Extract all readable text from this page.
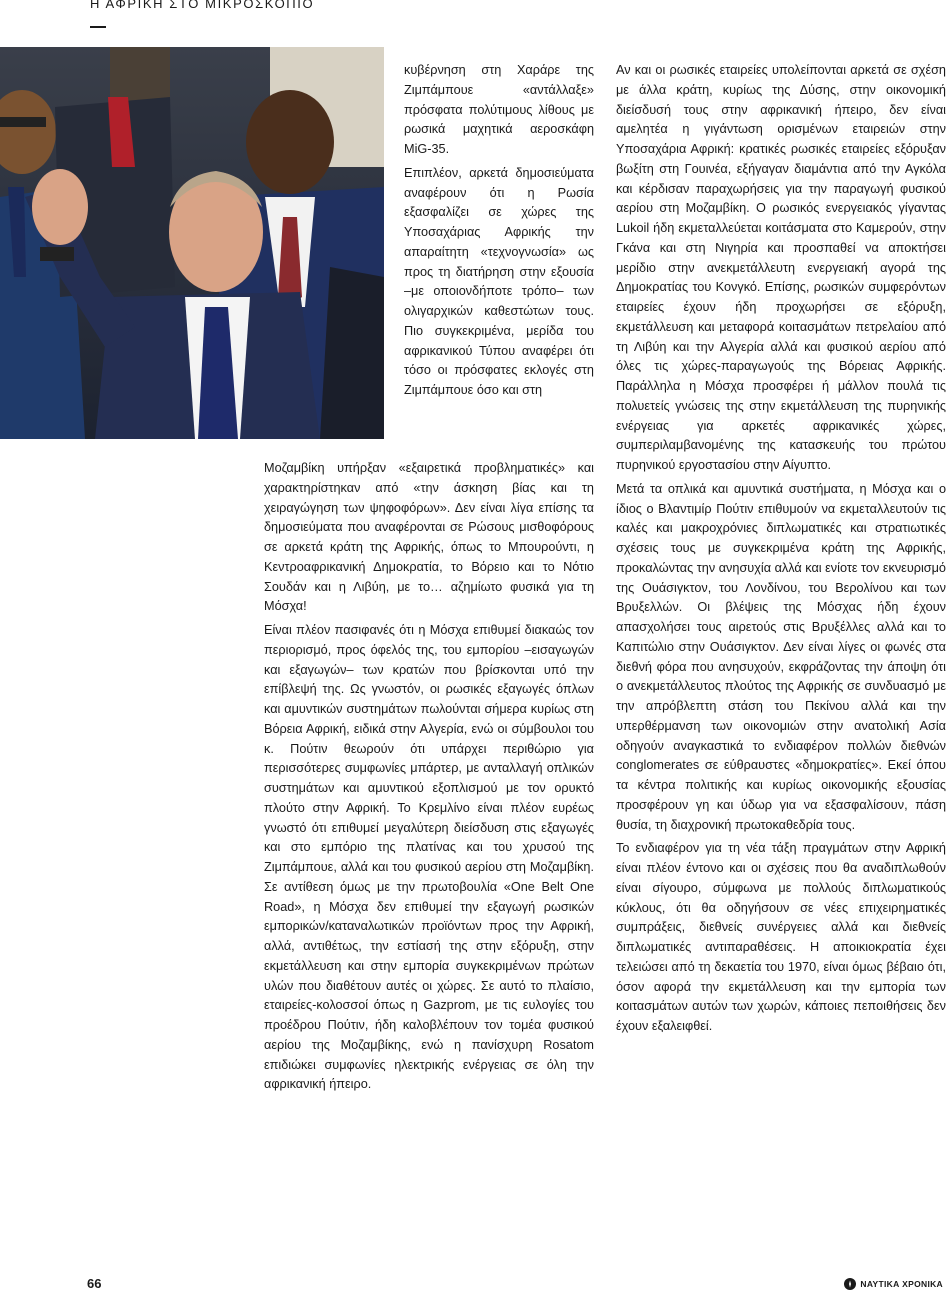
Η ΑΦΡΙΚΗ ΣΤΟ ΜΙΚΡΟΣΚΟΠΙΟ

κυβέρνηση στη Χαράρε της Ζιμπάμπουε «αντάλλαξε» πρόσφατα πολύτιμους λίθους με ρωσικά μαχητικά αεροσκάφη MiG-35.

Επιπλέον, αρκετά δημοσιεύματα αναφέρουν ότι η Ρωσία εξασφαλίζει σε χώρες της Υποσαχάριας Αφρικής την απαραίτητη «τεχνογνωσία» ως προς τη διατήρηση στην εξουσία –με οποιονδήποτε τρόπο– των ολιγαρχικών καθεστώτων τους. Πιο συγκεκριμένα, μερίδα του αφρικανικού Τύπου αναφέρει ότι τόσο οι πρόσφατες εκλογές στη Ζιμπάμπουε όσο και στη

Μοζαμβίκη υπήρξαν «εξαιρετικά προβληματικές» και χαρακτηρίστηκαν από «την άσκηση βίας και τη χειραγώγηση των ψηφοφόρων». Δεν είναι λίγα επίσης τα δημοσιεύματα που αναφέρονται σε Ρώσους μισθοφόρους σε αρκετά κράτη της Αφρικής, όπως το Μπουρούντι, η Κεντροαφρικανική Δημοκρατία, το Βόρειο και το Νότιο Σουδάν και η Λιβύη, με το… αζημίωτο φυσικά για τη Μόσχα!

Είναι πλέον πασιφανές ότι η Μόσχα επιθυμεί διακαώς τον περιορισμό, προς όφελός της, του εμπορίου –εισαγωγών και εξαγωγών– των κρατών που βρίσκονται υπό την επίβλεψή της. Ως γνωστόν, οι ρωσικές εξαγωγές όπλων και αμυντικών συστημάτων πωλούνται σήμερα κυρίως στη Βόρεια Αφρική, ειδικά στην Αλγερία, ενώ οι σύμβουλοι του κ. Πούτιν θεωρούν ότι υπάρχει περιθώριο για περισσότερες συμφωνίες μπάρτερ, με ανταλλαγή οπλικών συστημάτων και αμυντικού εξοπλισμού με τον ορυκτό πλούτο στην Αφρική. Το Κρεμλίνο είναι πλέον ευρέως γνωστό ότι επιθυμεί μεγαλύτερη διείσδυση στις εξαγωγές και στο εμπόριο της πλατίνας και του χρυσού της Ζιμπάμπουε, αλλά και του φυσικού αερίου στη Μοζαμβίκη. Σε αντίθεση όμως με την πρωτοβουλία «One Belt One Road», η Μόσχα δεν επιθυμεί την εξαγωγή ρωσικών εμπορικών/καταναλωτικών προϊόντων προς την Αφρική, αλλά, αντιθέτως, την εστίασή της στην εξόρυξη, στην εκμετάλλευση και στην εμπορία συγκεκριμένων πρώτων υλών που διαθέτουν αυτές οι χώρες. Σε αυτό το πλαίσιο, εταιρείες-κολοσσοί όπως η Gazprom, με τις ευλογίες του προέδρου Πούτιν, ήδη καλοβλέπουν τον τομέα φυσικού αερίου της Μοζαμβίκης, ενώ η πανίσχυρη Rosatom επιδιώκει συμφωνίες ηλεκτρικής ενέργειας σε όλη την αφρικανική ήπειρο.

Αν και οι ρωσικές εταιρείες υπολείπονται αρκετά σε σχέση με άλλα κράτη, κυρίως της Δύσης, στην οικονομική διείσδυσή τους στην αφρικανική ήπειρο, δεν είναι αμελητέα η γιγάντωση ορισμένων εταιρειών στην Υποσαχάρια Αφρική: κρατικές ρωσικές εταιρείες εξόρυξαν βωξίτη στη Γουινέα, εξήγαγαν διαμάντια από την Αγκόλα και κέρδισαν παραχωρήσεις για την παραγωγή φυσικού αερίου στη Μοζαμβίκη. Ο ρωσικός ενεργειακός γίγαντας Lukoil ήδη εκμεταλλεύεται κοιτάσματα στο Καμερούν, στην Γκάνα και στη Νιγηρία και προσπαθεί να αποκτήσει μερίδιο στην ανεκμετάλλευτη ενεργειακή αγορά της Δημοκρατίας του Κονγκό. Επίσης, ρωσικών συμφερόντων εταιρείες έχουν ήδη προχωρήσει σε εξόρυξη, εκμετάλλευση και μεταφορά κοιτασμάτων πετρελαίου από τη Λιβύη και την Αλγερία αλλά και φυσικού αερίου από όλες τις χώρες-παραγωγούς της Βόρειας Αφρικής. Παράλληλα η Μόσχα προσφέρει ή μάλλον πουλά τις πολυετείς γνώσεις της στην εκμετάλλευση της πυρηνικής ενέργειας για αρκετές αφρικανικές χώρες, συμπεριλαμβανομένης της κατασκευής του πρώτου πυρηνικού εργοστασίου στην Αίγυπτο.

Μετά τα οπλικά και αμυντικά συστήματα, η Μόσχα και ο ίδιος ο Βλαντιμίρ Πούτιν επιθυμούν να εκμεταλλευτούν τις καλές και μακροχρόνιες διπλωματικές και στρατιωτικές σχέσεις τους με συγκεκριμένα κράτη της Αφρικής, προκαλώντας την ανησυχία αλλά και ενίοτε τον εκνευρισμό της Ουάσιγκτον, του Λονδίνου, του Βερολίνου και των Βρυξελλών. Οι βλέψεις της Μόσχας ήδη έχουν απασχολήσει τους αιρετούς στις Βρυξέλλες αλλά και το Καπιτώλιο στην Ουάσιγκτον. Δεν είναι λίγες οι φωνές στα διεθνή φόρα που ανησυχούν, εκφράζοντας την άποψη ότι ο ανεκμετάλλευτος πλούτος της Αφρικής σε συνδυασμό με την απρόβλεπτη στάση του Πεκίνου αλλά και την υπερθέρμανση των οικονομιών στην ανατολική Ασία οδηγούν αναγκαστικά το ενδιαφέρον πολλών διεθνών conglomerates σε εύθραυστες «δημοκρατίες». Εκεί όπου τα κέντρα πολιτικής και κυρίως οικονομικής εξουσίας προσφέρουν γη και ύδωρ για να εξασφαλίσουν, πάση θυσία, τη διαχρονική πρωτοκαθεδρία τους.

Το ενδιαφέρον για τη νέα τάξη πραγμάτων στην Αφρική είναι πλέον έντονο και οι σχέσεις που θα αναδιπλωθούν είναι σίγουρο, σύμφωνα με πολλούς διπλωματικούς κύκλους, ότι θα οδηγήσουν σε νέες επιχειρηματικές συμπράξεις, διεθνείς συνέργειες αλλά και διεθνείς διπλωματικές αντιπαραθέσεις. Η αποικιοκρατία έχει τελειώσει από τη δεκαετία του 1970, είναι όμως βέβαιο ότι, όσον αφορά την εκμετάλλευση και την εμπορία των κοιτασμάτων αυτών των χωρών, κάποιες πεποιθήσεις δεν έχουν εξαλειφθεί.

66	ΝΑΥΤΙΚΑ ΧΡΟΝΙΚΑ
